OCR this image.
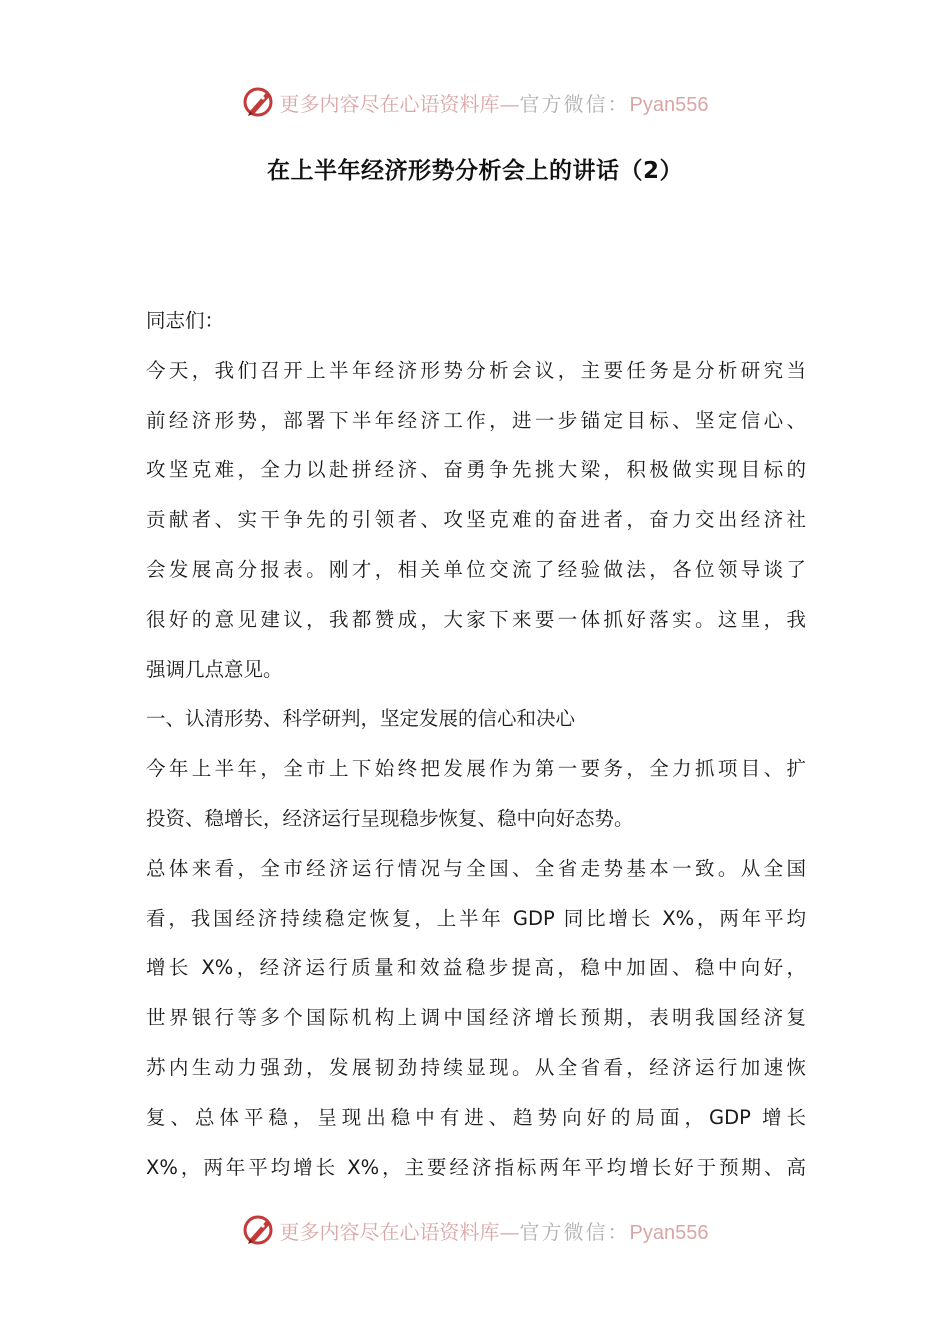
更多内容尽在心语资料库—官方微信：Pyan556
在上半年经济形势分析会上的讲话（2）
同志们：
今天，我们召开上半年经济形势分析会议，主要任务是分析研究当
前经济形势，部署下半年经济工作，进一步锚定目标、坚定信心、
攻坚克难，全力以赴拼经济、奋勇争先挑大梁，积极做实现目标的
贡献者、实干争先的引领者、攻坚克难的奋进者，奋力交出经济社
会发展高分报表。刚才，相关单位交流了经验做法，各位领导谈了
很好的意见建议，我都赞成，大家下来要一体抓好落实。这里，我
强调几点意见。
一、认清形势、科学研判，坚定发展的信心和决心
今年上半年，全市上下始终把发展作为第一要务，全力抓项目、扩
投资、稳增长，经济运行呈现稳步恢复、稳中向好态势。
总体来看，全市经济运行情况与全国、全省走势基本一致。从全国
看，我国经济持续稳定恢复，上半年 GDP 同比增长 X%，两年平均
增长 X%，经济运行质量和效益稳步提高，稳中加固、稳中向好，
世界银行等多个国际机构上调中国经济增长预期，表明我国经济复
苏内生动力强劲，发展韧劲持续显现。从全省看，经济运行加速恢
复、总体平稳，呈现出稳中有进、趋势向好的局面，GDP 增长
X%，两年平均增长 X%，主要经济指标两年平均增长好于预期、高
更多内容尽在心语资料库—官方微信：Pyan556
